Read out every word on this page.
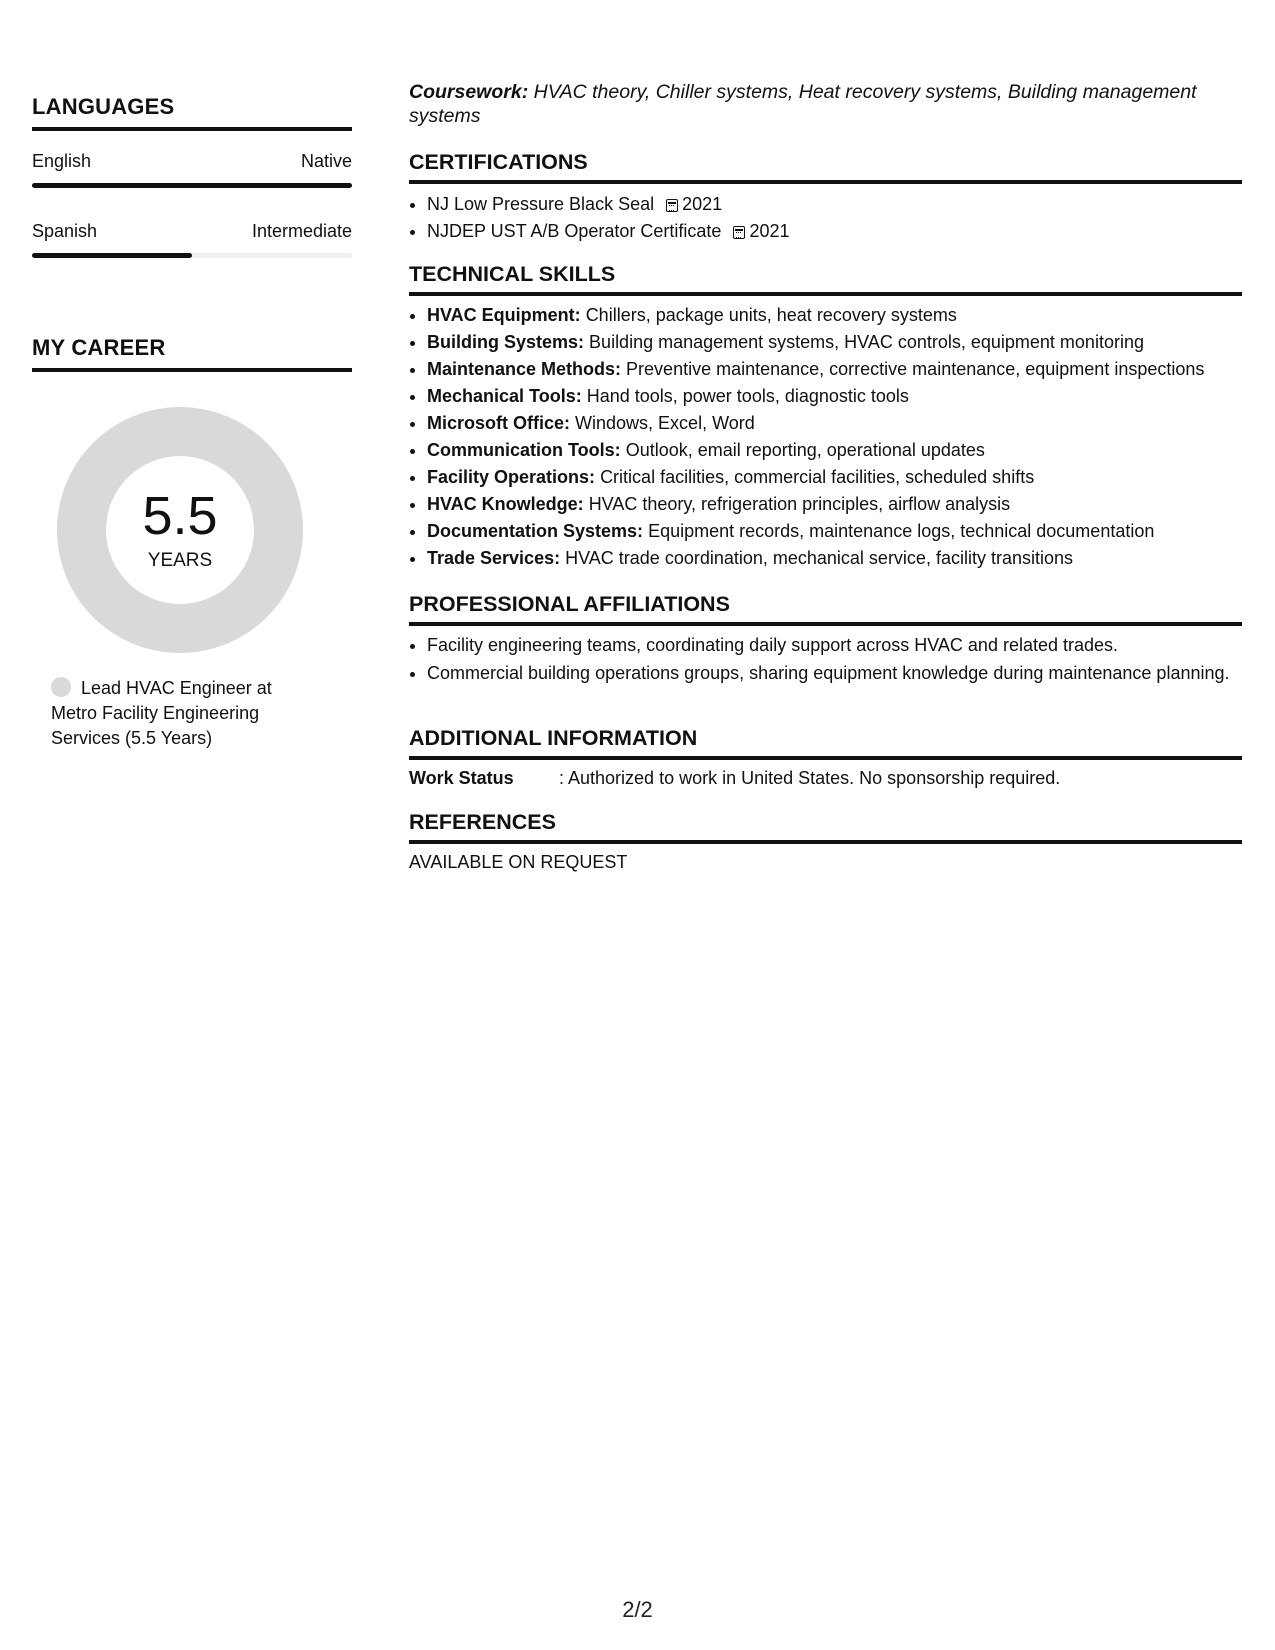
LANGUAGES
English	Native
Spanish	Intermediate
MY CAREER
5.5
YEARS
Lead HVAC Engineer at Metro Facility Engineering Services (5.5 Years)
Coursework: HVAC theory, Chiller systems, Heat recovery systems, Building management systems
CERTIFICATIONS
• NJ Low Pressure Black Seal 2021
• NJDEP UST A/B Operator Certificate 2021
TECHNICAL SKILLS
• HVAC Equipment: Chillers, package units, heat recovery systems
• Building Systems: Building management systems, HVAC controls, equipment monitoring
• Maintenance Methods: Preventive maintenance, corrective maintenance, equipment inspections
• Mechanical Tools: Hand tools, power tools, diagnostic tools
• Microsoft Office: Windows, Excel, Word
• Communication Tools: Outlook, email reporting, operational updates
• Facility Operations: Critical facilities, commercial facilities, scheduled shifts
• HVAC Knowledge: HVAC theory, refrigeration principles, airflow analysis
• Documentation Systems: Equipment records, maintenance logs, technical documentation
• Trade Services: HVAC trade coordination, mechanical service, facility transitions
PROFESSIONAL AFFILIATIONS
• Facility engineering teams, coordinating daily support across HVAC and related trades.
• Commercial building operations groups, sharing equipment knowledge during maintenance planning.
ADDITIONAL INFORMATION
Work Status	: Authorized to work in United States. No sponsorship required.
REFERENCES
AVAILABLE ON REQUEST
2/2
